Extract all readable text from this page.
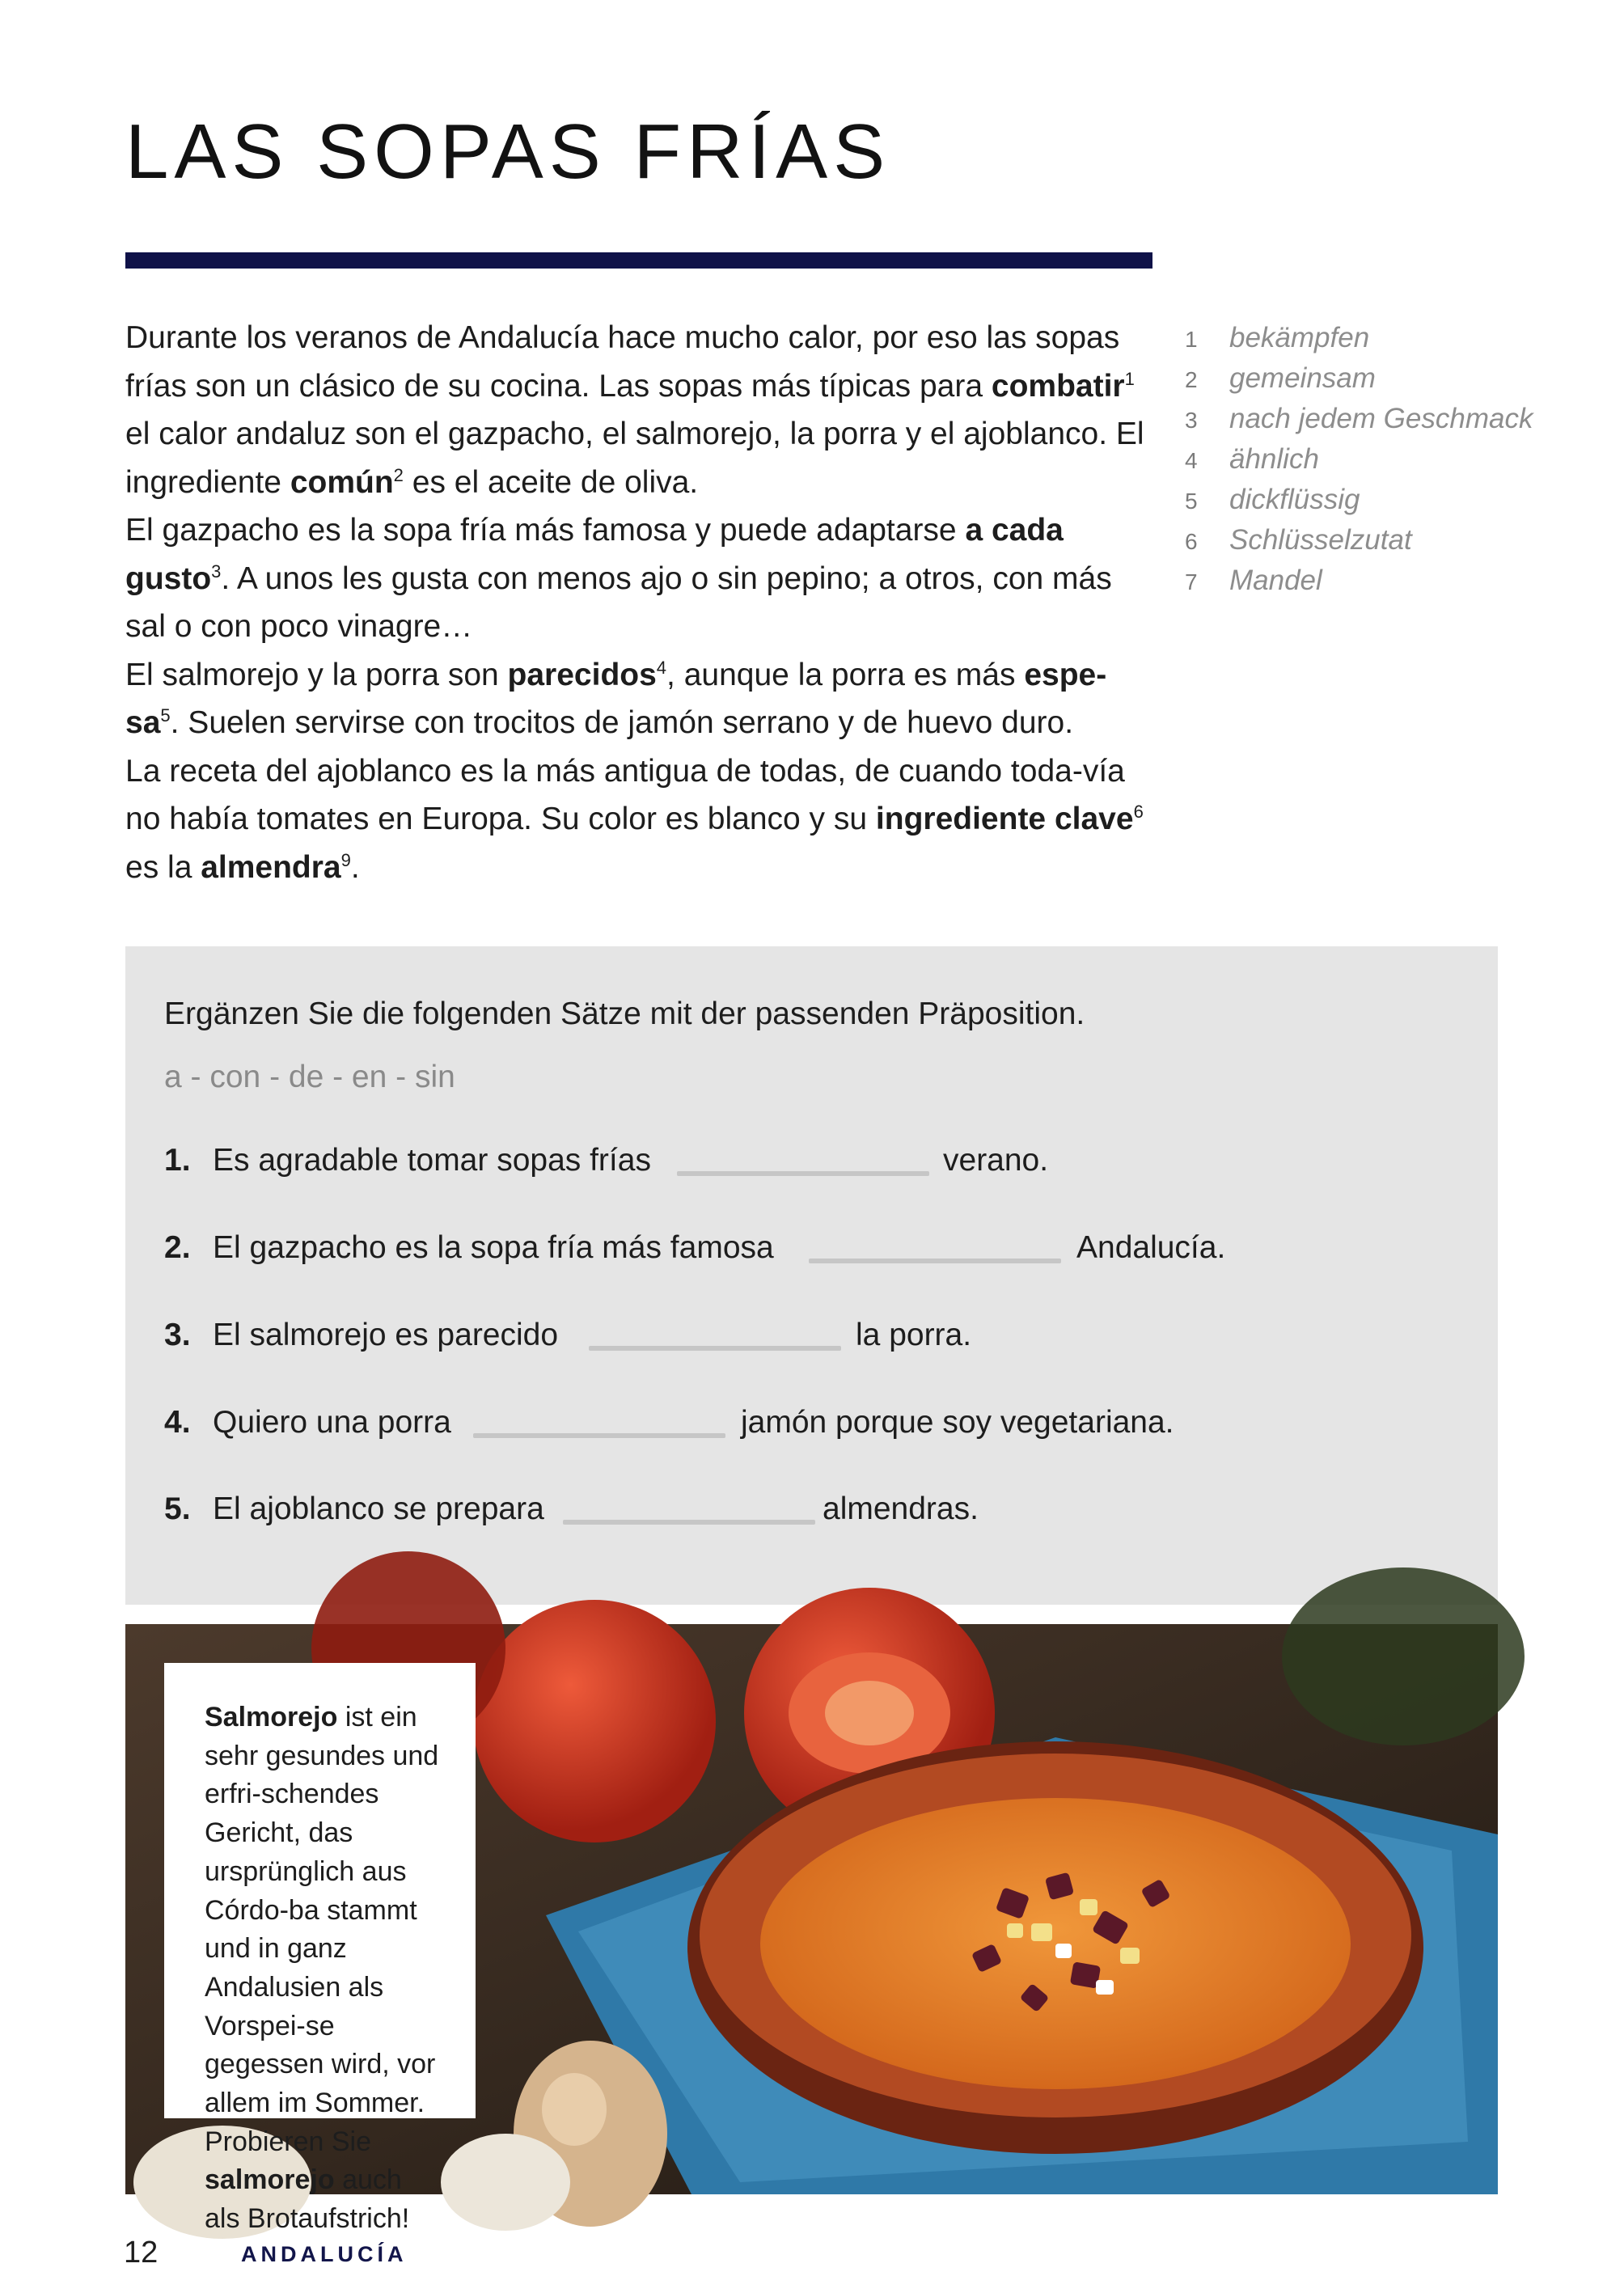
LAS SOPAS FRÍAS

Durante los veranos de Andalucía hace mucho calor, por eso las sopas frías son un clásico de su cocina. Las sopas más típicas para combatir$^1$ el calor andaluz son el gazpacho, el salmorejo, la porra y el ajoblanco. El ingrediente común$^2$ es el aceite de oliva.

El gazpacho es la sopa fría más famosa y puede adaptarse a cada gusto$^3$. A unos les gusta con menos ajo o sin pepino; a otros, con más sal o con poco vinagre…

El salmorejo y la porra son parecidos$^4$, aunque la porra es más espe-$sa^5$. Suelen servirse con trocitos de jamón serrano y de huevo duro.

La receta del ajoblanco es la más antigua de todas, de cuando toda-vía no había tomates en Europa. Su color es blanco y su ingrediente clave$^6$ es la almendra$^9$.

1	bekämpfen
2	gemeinsam
3	nach jedem Geschmack
4	ähnlich
5	dickflüssig
6	Schlüsselzutat
7	Mandel

Ergänzen Sie die folgenden Sätze mit der passenden Präposition.

a - con - de - en - sin
1. Es agradable tomar sopas frías	verano.
2. El gazpacho es la sopa fría más famosa	Andalucía.
3. El salmorejo es parecido	la porra.
4. Quiero una porra	jamón porque soy vegetariana.
5. El ajoblanco se prepara	almendras.

Salmorejo ist ein sehr gesundes und erfri-schendes Gericht, das ursprünglich aus Córdo-ba stammt und in ganz Andalusien als Vorspei-se gegessen wird, vor allem im Sommer. Probieren Sie salmorejo auch als Brotaufstrich!

12	ANDALUCÍA
